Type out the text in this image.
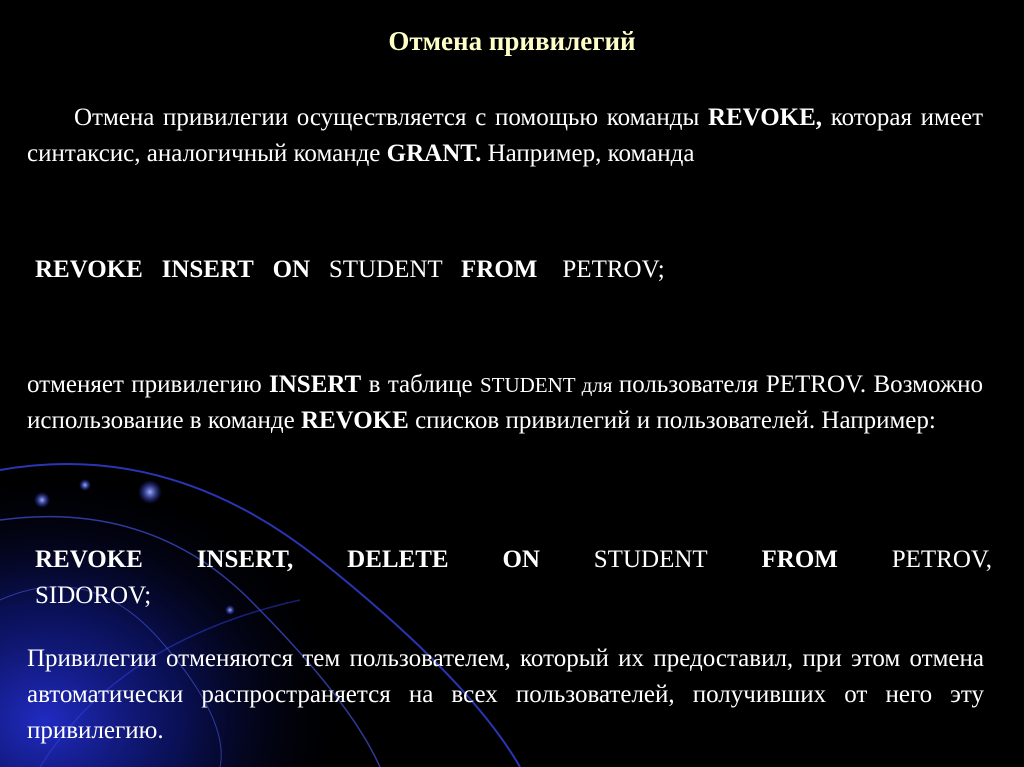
Отмена привилегий
Отмена привилегии осуществляется с помощью команды REVOKE, которая имеет синтаксис, аналогичный команде GRANT. Например, команда
REVOKE INSERT ON STUDENT FROM PETROV;
отменяет привилегию INSERT в таблице STUDENT для пользователя PETROV. Возможно использование в команде REVOKE списков привилегий и пользователей. Например:
REVOKE INSERT, DELETE ON STUDENT FROM PETROV,
SIDOROV;
Привилегии отменяются тем пользователем, который их предоставил, при этом отмена автоматически распространяется на всех пользователей, получивших от него эту привилегию.
